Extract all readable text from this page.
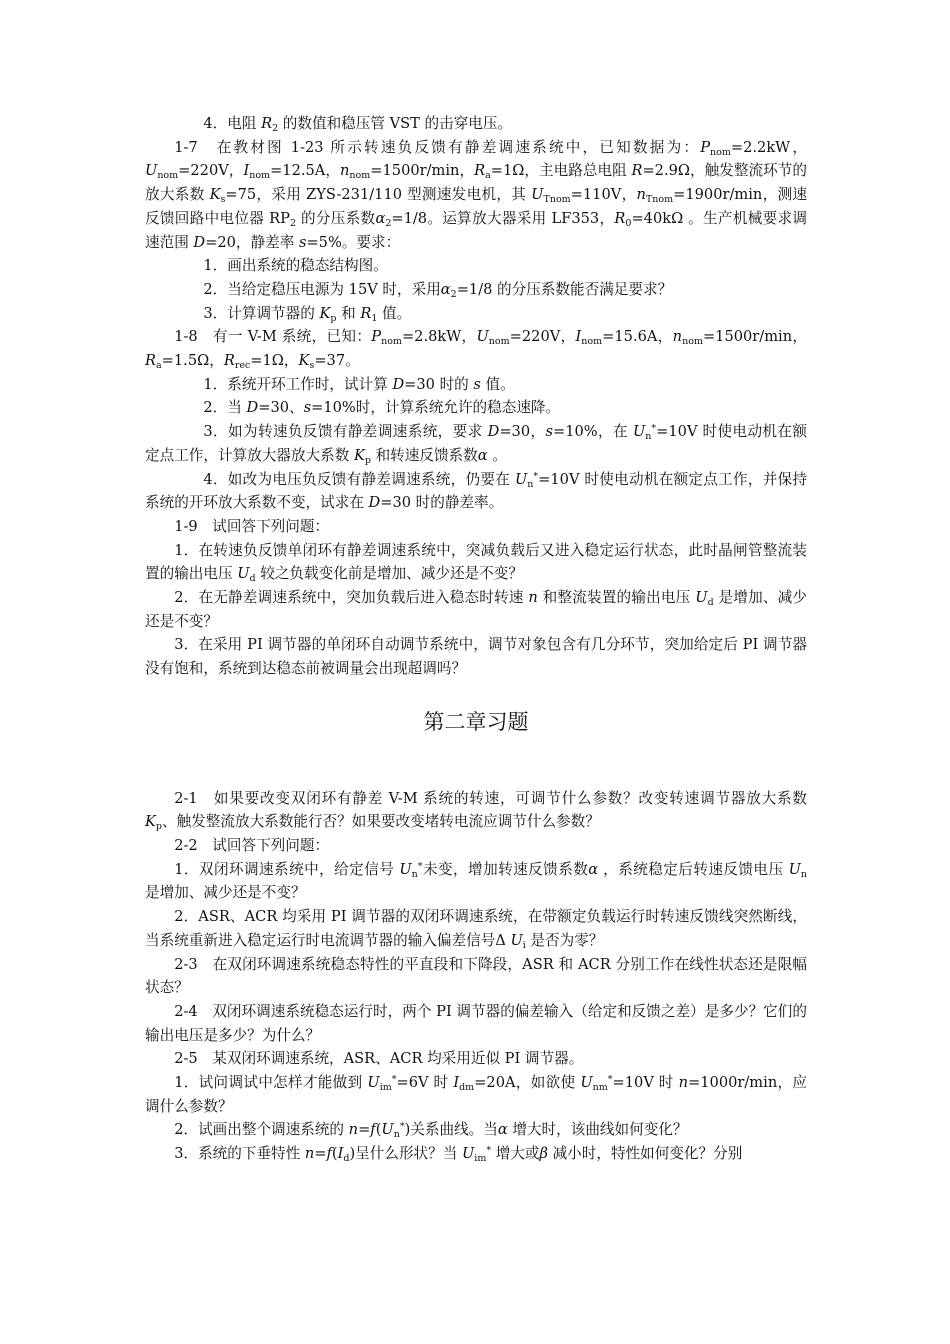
4．电阻 $R_2$ 的数值和稳压管 VST 的击穿电压。

1-7　在教材图 1-23 所示转速负反馈有静差调速系统中，已知数据为：$P_{nom}=2.2kW$，$U_{nom}=220V$，$I_{nom}=12.5A$，$n_{nom}=1500r/\min$，$R_a=1\Omega$，主电路总电阻 R=2.9Ω，触发整流环节的放大系数 $K_s=75$，采用 ZYS-231/110 型测速发电机，其 $U_{Tnom}=110V$，$n_{Tnom}=1900r/\min$，测速反馈回路中电位器 $RP_2$ 的分压系数$\alpha_2=1/8$。运算放大器采用 LF353，$R_0=40k\Omega$ 。生产机械要求调速范围 D=20，静差率 s=5%。要求：

1．画出系统的稳态结构图。

2．当给定稳压电源为 15V 时，采用$\alpha_2=1/8$ 的分压系数能否满足要求？

3．计算调节器的 $K_p$ 和 $R_1$ 值。

1-8　有一 V-M 系统，已知：$P_{nom}=2.8kW$，$U_{nom}=220V$，$I_{nom}=15.6A$，$n_{nom}=1500r/\min$，$R_a=1.5\Omega$，$R_{rec}=1\Omega$，$K_s=37$。

1．系统开环工作时，试计算 D=30 时的 s 值。

2．当 D=30、s=10%时，计算系统允许的稳态速降。

3．如为转速负反馈有静差调速系统，要求 D=30，s=10%，在 $U_n^*=10V$ 时使电动机在额定点工作，计算放大器放大系数 $K_p$ 和转速反馈系数α 。

4．如改为电压负反馈有静差调速系统，仍要在 $U_n^*=10V$ 时使电动机在额定点工作，并保持系统的开环放大系数不变，试求在 D=30 时的静差率。

1-9　试回答下列问题：

1．在转速负反馈单闭环有静差调速系统中，突减负载后又进入稳定运行状态，此时晶闸管整流装置的输出电压 $U_d$ 较之负载变化前是增加、减少还是不变？

2．在无静差调速系统中，突加负载后进入稳态时转速 n 和整流装置的输出电压 $U_d$ 是增加、减少还是不变？

3．在采用 PI 调节器的单闭环自动调节系统中，调节对象包含有几分环节，突加给定后 PI 调节器没有饱和，系统到达稳态前被调量会出现超调吗？

第二章习题

2-1　如果要改变双闭环有静差 V-M 系统的转速，可调节什么参数？改变转速调节器放大系数 $K_p$、触发整流放大系数能行否？如果要改变堵转电流应调节什么参数？

2-2　试回答下列问题：

1．双闭环调速系统中，给定信号 $U_n^*$未变，增加转速反馈系数α ，系统稳定后转速反馈电压 $U_n$ 是增加、减少还是不变？

2．ASR、ACR 均采用 PI 调节器的双闭环调速系统，在带额定负载运行时转速反馈线突然断线，当系统重新进入稳定运行时电流调节器的输入偏差信号Δ $U_i$ 是否为零？

2-3　在双闭环调速系统稳态特性的平直段和下降段，ASR 和 ACR 分别工作在线性状态还是限幅状态？

2-4　双闭环调速系统稳态运行时，两个 PI 调节器的偏差输入（给定和反馈之差）是多少？它们的输出电压是多少？为什么？

2-5　某双闭环调速系统，ASR、ACR 均采用近似 PI 调节器。

1．试问调试中怎样才能做到 $U_{im}^*=6V$ 时 $I_{dm}=20A$，如欲使 $U_{nm}^*=10V$ 时 n=1000r/min，应调什么参数？

2．试画出整个调速系统的 $n=f(U_n^*)$关系曲线。当α 增大时，该曲线如何变化？

3．系统的下垂特性 $n=f(I_d)$呈什么形状？当 $U_{im}^*$ 增大或β 减小时，特性如何变化？分别
